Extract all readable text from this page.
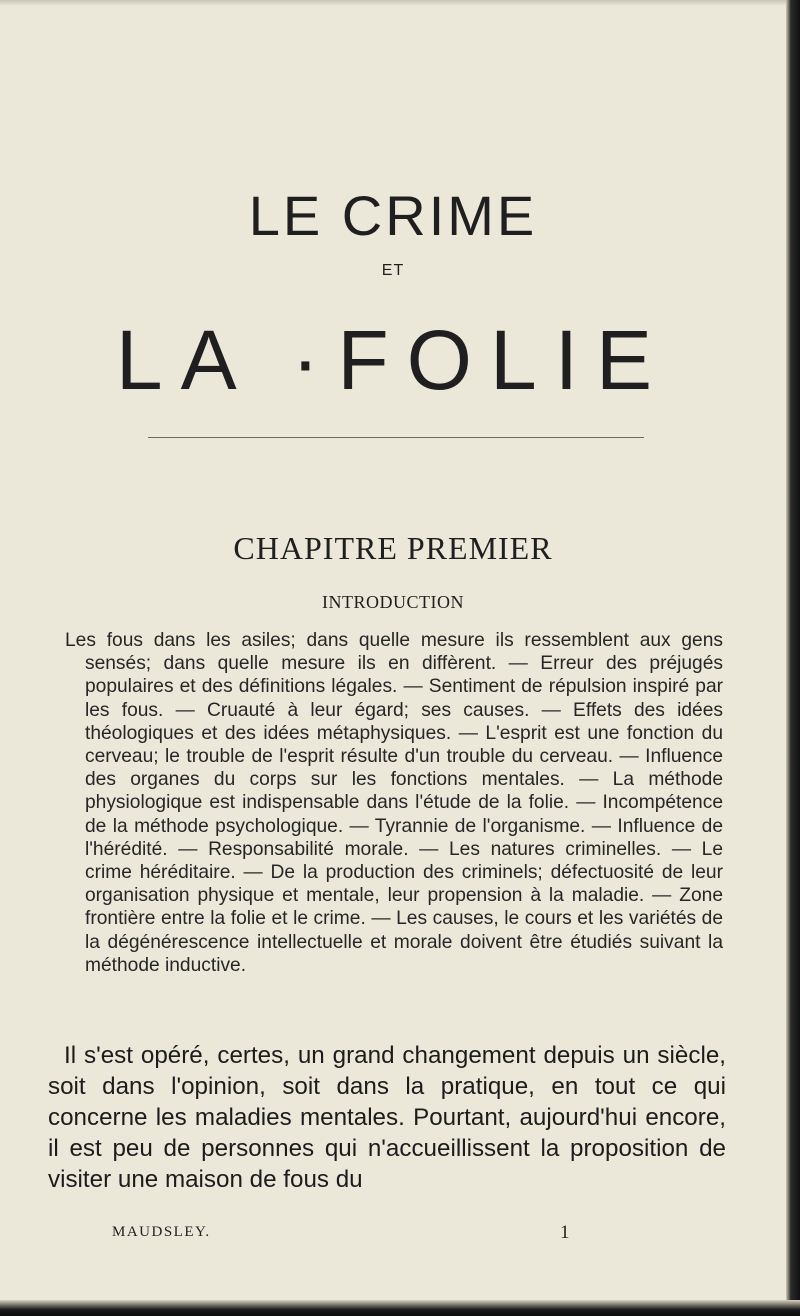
LE CRIME
ET
LA ·FOLIE
CHAPITRE PREMIER
INTRODUCTION
Les fous dans les asiles; dans quelle mesure ils ressemblent aux gens sensés; dans quelle mesure ils en diffèrent. — Erreur des préjugés populaires et des définitions légales. — Sentiment de répulsion inspiré par les fous. — Cruauté à leur égard; ses causes. — Effets des idées théologiques et des idées métaphysiques. — L'esprit est une fonction du cerveau; le trouble de l'esprit résulte d'un trouble du cerveau. — Influence des organes du corps sur les fonctions mentales. — La méthode physiologique est indispensable dans l'étude de la folie. — Incompétence de la méthode psychologique. — Tyrannie de l'organisme. — Influence de l'hérédité. — Responsabilité morale. — Les natures criminelles. — Le crime héréditaire. — De la production des criminels; défectuosité de leur organisation physique et mentale, leur propension à la maladie. — Zone frontière entre la folie et le crime. — Les causes, le cours et les variétés de la dégénérescence intellectuelle et morale doivent être étudiés suivant la méthode inductive.
Il s'est opéré, certes, un grand changement depuis un siècle, soit dans l'opinion, soit dans la pratique, en tout ce qui concerne les maladies mentales. Pourtant, aujourd'hui encore, il est peu de personnes qui n'accueillissent la proposition de visiter une maison de fous du
MAUDSLEY.	1
